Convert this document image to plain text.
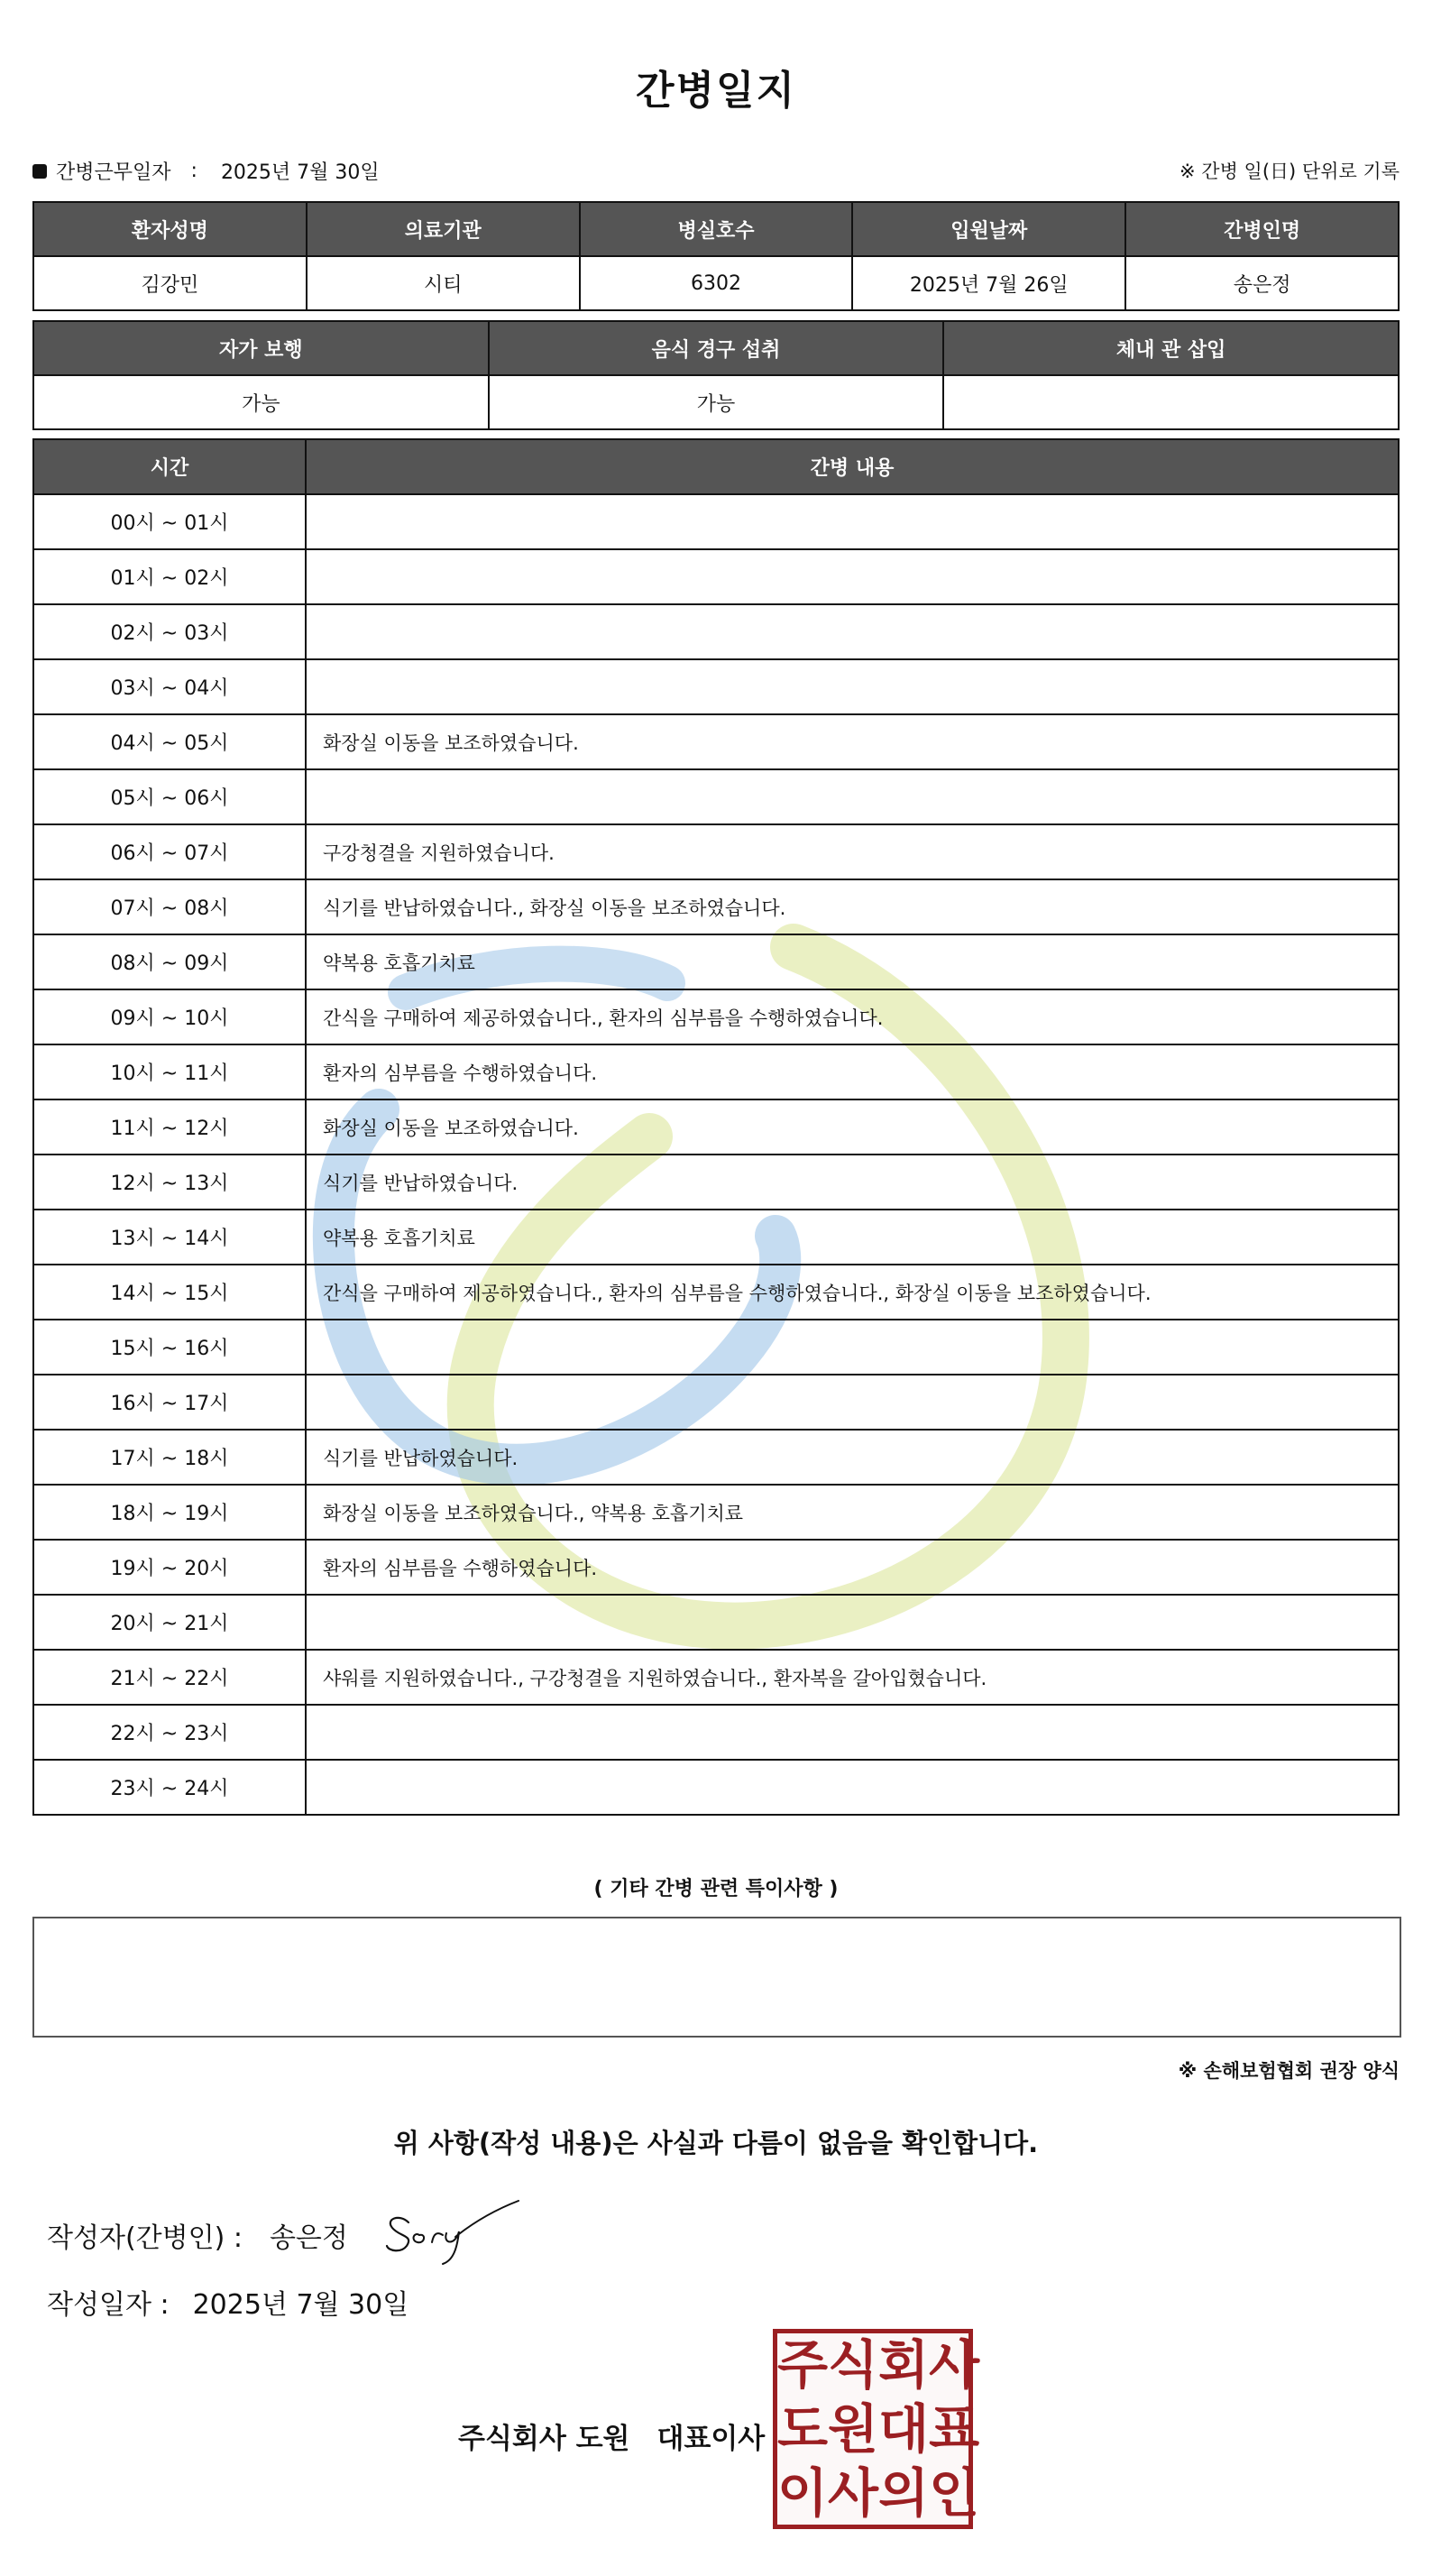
간병일지
간병근무일자 : 2025년 7월 30일	※ 간병 일(日) 단위로 기록
환자성명	의료기관	병실호수	입원날짜	간병인명
김강민	시티	6302	2025년 7월 26일	송은정
자가 보행	음식 경구 섭취	체내 관 삽입
가능	가능	
시간	간병 내용
00시 ~ 01시	
01시 ~ 02시	
02시 ~ 03시	
03시 ~ 04시	
04시 ~ 05시	화장실 이동을 보조하였습니다.
05시 ~ 06시	
06시 ~ 07시	구강청결을 지원하였습니다.
07시 ~ 08시	식기를 반납하였습니다., 화장실 이동을 보조하였습니다.
08시 ~ 09시	약복용 호흡기치료
09시 ~ 10시	간식을 구매하여 제공하였습니다., 환자의 심부름을 수행하였습니다.
10시 ~ 11시	환자의 심부름을 수행하였습니다.
11시 ~ 12시	화장실 이동을 보조하였습니다.
12시 ~ 13시	식기를 반납하였습니다.
13시 ~ 14시	약복용 호흡기치료
14시 ~ 15시	간식을 구매하여 제공하였습니다., 환자의 심부름을 수행하였습니다., 화장실 이동을 보조하였습니다.
15시 ~ 16시	
16시 ~ 17시	
17시 ~ 18시	식기를 반납하였습니다.
18시 ~ 19시	화장실 이동을 보조하였습니다., 약복용 호흡기치료
19시 ~ 20시	환자의 심부름을 수행하였습니다.
20시 ~ 21시	
21시 ~ 22시	샤워를 지원하였습니다., 구강청결을 지원하였습니다., 환자복을 갈아입혔습니다.
22시 ~ 23시	
23시 ~ 24시	
( 기타 간병 관련 특이사항 )
※ 손해보험협회 권장 양식
위 사항(작성 내용)은 사실과 다름이 없음을 확인합니다.
작성자(간병인) : 송은정
작성일자 : 2025년 7월 30일
주식회사 도원 대표이사
주 식 회 사
도 원 대 표
이 사 의 인
